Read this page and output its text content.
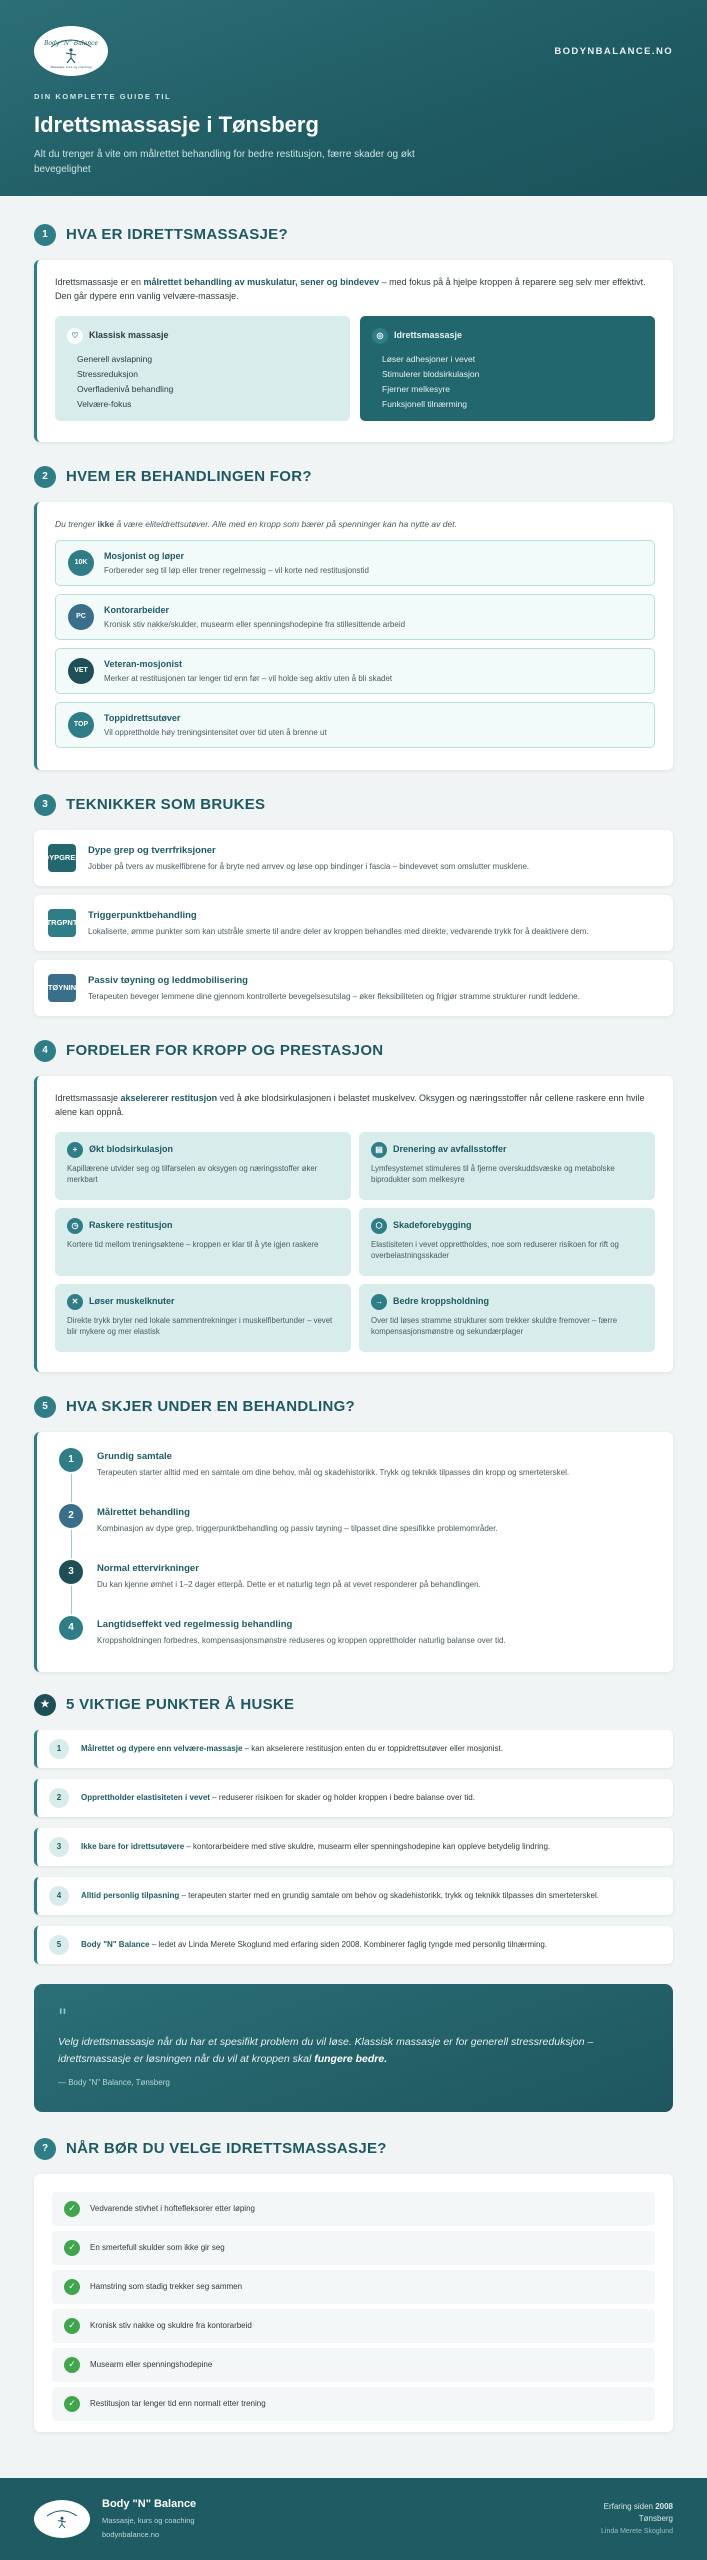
Body "N" Balance
Massasje, kurs og coaching
BODYNBALANCE.NO
DIN KOMPLETTE GUIDE TIL
Idrettsmassasje i Tønsberg
Alt du trenger å vite om målrettet behandling for bedre restitusjon, færre skader og økt bevegelighet
1	HVA ER IDRETTSMASSASJE?

Idrettsmassasje er en målrettet behandling av muskulatur, sener og bindevev – med fokus på å hjelpe kroppen å reparere seg selv mer effektivt. Den går dypere enn vanlig velvære-massasje.

♡	Klassisk massasje
Generell avslapning
Stressreduksjon
Overfladenivå behandling
Velvære-fokus
◎	Idrettsmassasje
Løser adhesjoner i vevet
Stimulerer blodsirkulasjon
Fjerner melkesyre
Funksjonell tilnærming
2	HVEM ER BEHANDLINGEN FOR?

Du trenger ikke å være eliteidrettsutøver. Alle med en kropp som bærer på spenninger kan ha nytte av det.

10K
Mosjonist og løper
Forbereder seg til løp eller trener regelmessig – vil korte ned restitusjonstid
PC
Kontorarbeider
Kronisk stiv nakke/skulder, musearm eller spenningshodepine fra stillesittende arbeid
VET
Veteran-mosjonist
Merker at restitusjonen tar lenger tid enn før – vil holde seg aktiv uten å bli skadet
TOP
Toppidrettsutøver
Vil opprettholde høy treningsintensitet over tid uten å brenne ut
3	TEKNIKKER SOM BRUKES
DYP GREP
Dype grep og tverrfriksjoner
Jobber på tvers av muskelfibrene for å bryte ned arrvev og løse opp bindinger i fascia – bindevevet som omslutter musklene.
TRG PNT
Triggerpunktbehandling
Lokaliserte, ømme punkter som kan utstråle smerte til andre deler av kroppen behandles med direkte, vedvarende trykk for å deaktivere dem.
TØY NIN
Passiv tøyning og leddmobilisering
Terapeuten beveger lemmene dine gjennom kontrollerte bevegelsesutslag – øker fleksibiliteten og frigjør stramme strukturer rundt leddene.
4	FORDELER FOR KROPP OG PRESTASJON

Idrettsmassasje akselererer restitusjon ved å øke blodsirkulasjonen i belastet muskelvev. Oksygen og næringsstoffer når cellene raskere enn hvile alene kan oppnå.

+	Økt blodsirkulasjon
Kapillærene utvider seg og tilfarselen av oksygen og næringsstoffer øker merkbart
▤	Drenering av avfallsstoffer
Lymfesystemet stimuleres til å fjerne overskuddsvæske og metabolske biprodukter som melkesyre
◷	Raskere restitusjon
Kortere tid mellom treningsøktene – kroppen er klar til å yte igjen raskere
⬡	Skadeforebygging
Elastisiteten i vevet opprettholdes, noe som reduserer risikoen for rift og overbelastningsskader
✕	Løser muskelknuter
Direkte trykk bryter ned lokale sammentrekninger i muskelfibertunder – vevet blir mykere og mer elastisk
→	Bedre kroppsholdning
Over tid løses stramme strukturer som trekker skuldre fremover – færre kompensasjonsmønstre og sekundærplager
5	HVA SKJER UNDER EN BEHANDLING?
1	Grundig samtale
Terapeuten starter alltid med en samtale om dine behov, mål og skadehistorikk. Trykk og teknikk tilpasses din kropp og smerteterskel.
2	Målrettet behandling
Kombinasjon av dype grep, triggerpunktbehandling og passiv tøyning – tilpasset dine spesifikke problemområder.
3	Normal ettervirkninger
Du kan kjenne ømhet i 1–2 dager etterpå. Dette er et naturlig tegn på at vevet responderer på behandlingen.
4	Langtidseffekt ved regelmessig behandling
Kroppsholdningen forbedres, kompensasjonsmønstre reduseres og kroppen opprettholder naturlig balanse over tid.
★	5 VIKTIGE PUNKTER Å HUSKE
1	Målrettet og dypere enn velvære-massasje – kan akselerere restitusjon enten du er toppidrettsutøver eller mosjonist.
2	Opprettholder elastisiteten i vevet – reduserer risikoen for skader og holder kroppen i bedre balanse over tid.
3	Ikke bare for idrettsutøvere – kontorarbeidere med stive skuldre, musearm eller spenningshodepine kan oppleve betydelig lindring.
4	Alltid personlig tilpasning – terapeuten starter med en grundig samtale om behov og skadehistorikk, trykk og teknikk tilpasses din smerteterskel.
5	Body "N" Balance – ledet av Linda Merete Skoglund med erfaring siden 2008. Kombinerer faglig tyngde med personlig tilnærming.
"
Velg idrettsmassasje når du har et spesifikt problem du vil løse. Klassisk massasje er for generell stressreduksjon – idrettsmassasje er løsningen når du vil at kroppen skal fungere bedre.
— Body "N" Balance, Tønsberg
?	NÅR BØR DU VELGE IDRETTSMASSASJE?
✓	Vedvarende stivhet i hoftefleksorer etter løping
✓	En smertefull skulder som ikke gir seg
✓	Hamstring som stadig trekker seg sammen
✓	Kronisk stiv nakke og skuldre fra kontorarbeid
✓	Musearm eller spenningshodepine
✓	Restitusjon tar lenger tid enn normalt etter trening
Body "N" Balance
Massasje, kurs og coaching
bodynbalance.no
Erfaring siden 2008
Tønsberg
Linda Merete Skoglund
